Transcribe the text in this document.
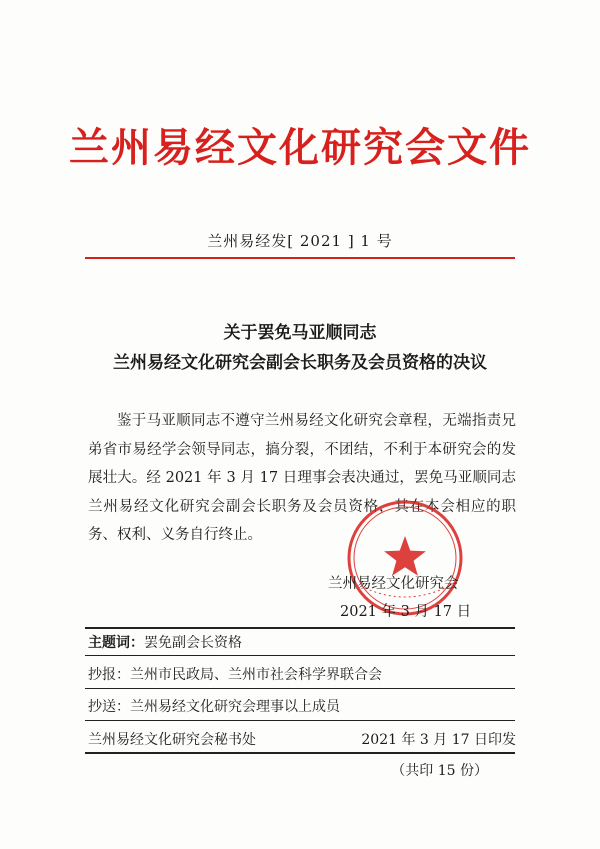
兰州易经文化研究会文件
兰州易经发[ 2021 ] 1 号
关于罢免马亚顺同志
兰州易经文化研究会副会长职务及会员资格的决议

鉴于马亚顺同志不遵守兰州易经文化研究会章程，无端指责兄弟省市易经学会领导同志，搞分裂，不团结，不利于本研究会的发展壮大。经 2021 年 3 月 17 日理事会表决通过，罢免马亚顺同志兰州易经文化研究会副会长职务及会员资格，其在本会相应的职务、权利、义务自行终止。

兰州易经文化研究会
2021 年 3 月 17 日
主题词：罢免副会长资格
抄报：兰州市民政局、兰州市社会科学界联合会
抄送：兰州易经文化研究会理事以上成员
兰州易经文化研究会秘书处	2021 年 3 月 17 日印发
（共印 15 份）
